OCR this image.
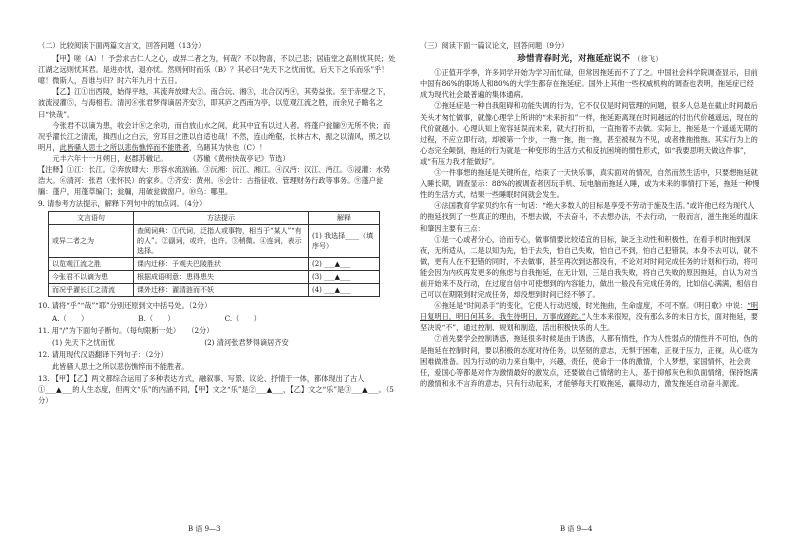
（二）比较阅读下面两篇文言文，回答问题（13分）

【甲】嗟（A）！予尝求古仁人之心，或异二者之为，何哉？不以物喜，不以己悲；居庙堂之高则忧其民；处江湖之远则忧其君。是进亦忧，退亦忧。然则何时而乐（B）？其必曰“先天下之忧而忧，后天下之乐而乐”乎！噫！微斯人，吾谁与归？时六年九月十五日。

【乙】江①出西陵，始得平地，其流奔放肆大②。南合沅、湘③，北合汉沔④，其势益张。至于赤壁之下，波流浸灌⑤，与海相若。清河⑥张君梦得谪居齐安⑦，即其庐之西南为亭，以览观江流之胜，而余兄子瞻名之曰“快哉”。

今张君不以谪为患，收会计⑧之余功，而自放山水之间，此其中宜有以过人者。将蓬户瓮牖⑨无所不快；而况乎濯长江之清流，揖西山之白云，穷耳目之胜以自适也哉！不然，连山绝壑，长林古木，振之以清风，照之以明月，此皆骚人思士之所以悲伤憔悴而不能胜者，乌睹其为快也（C）！

元丰六年十一月朔日，赵郡苏辙记。　　　　（苏辙《黄州快哉亭记》节选）

【注释】①江：长江。②奔放肆大：形容水流汹涌。③沅湘：沅江、湘江。④汉沔：汉江、沔江。⑤浸灌：水势浩大。⑥清河：张君（张怀民）的家乡。⑦齐安：黄州。⑧会计：古指征收、管理财务行政等事务。⑨蓬户瓮牖：蓬户，用蓬草编门；瓮牖，用破瓮做窗户。⑩乌：哪里。

9. 请参考方法提示，解释下列句中的加点词。（4分）

文言语句	方法提示	解释
或异二者之为	查阅词典：①代词，泛指人或事物，相当于“某人”“有的人”。②副词，或许，也许。③稍微。④连词，表示选择。	(1) 我选择____（填序号）
以览观江流之胜	课内迁移：予观夫巴陵胜状	(2) ___▲___
今张君不以谪为患	根据成语明意：患得患失	(3) ___▲___
而况乎濯长江之清流	课外迁移：濯清涟而不妖	(4) ___▲___

10. 请将“乎”“哉”“耶”分别还原到文中括号处。（2分）

A.（　　）	B.（　　）	C.（　　）

11. 用“/”为下面句子断句。（每句限断一处）　　（2分）

(1) 先天下之忧而忧	(2) 清河张君梦得谪居齐安

12. 请用现代汉语翻译下列句子：（2分）

此皆骚人思士之所以悲伤憔悴而不能胜者。

13. 【甲】【乙】两文都综合运用了多种表达方式，融叙事、写景、议论、抒情于一体，都体现出了古人①___▲___的人生态度，但两文“乐”的内涵不同，【甲】文之“乐”是②___▲___，【乙】文之“乐”是③___▲___。（5分）

（三）阅读下面一篇议论文，回答问题（9分）

珍惜青春时光，对拖延症说不 （徐飞）

①正值开学季，许多同学开始为学习而忙碌，但常因拖延而不了了之。中国社会科学院调查显示，目前中国有86%的职场人和80%的大学生都存在拖延症。国外上其他一些权威机构的调查也表明，拖延症已经成为现代社会最普遍的集体通病。

②拖延症是一种自我阻碍和功能失调的行为，它不仅仅是时间管理的问题，很多人总是在截止时间最后关头才匆忙做事，就像心理学上所讲的“未来折扣”一样，拖延距离现在时间越远的付出代价越遥远，现在的代价就越小。心理认知上宽容延误而未来，就大打折扣，一直拖着不去做。实际上，拖延是一个遥遥无期的过程，不应立即行动，却被第一个步，一拖一拖，拖一拖，甚至被视为不见，或者推拖推拖。其实行为上的心态完全颠倒，拖延的行为就是一种变形的生活方式和反抗困境的惯性形式，如“我要思明天做这件事”，或“有压力我才能做好”。

③一件事想的拖延是关键所在，结束了一天快乐事，真实面对的情况，自然而然生活中，只要想拖延就入睡长期，调查显示：88%的被调查者因玩手机、玩电脑而拖延入睡，或为未来的事情打下延，拖延一种慢性的生活方式，结果一些睡眠时间就会发生。

④法国教育学家贝约尔有一句话：“绝大多数人的目标是享受不劳动于施及生活。”或许他已经为现代人的拖延找到了一些真正的理由，不想去做，不去奋斗，不去想办法，不去行动，一般而言，滋生拖延的温床和肇因主要有三点：

①是一心或者分心，洽而专心，做事情要比较适宜的目标，缺乏主动性和积极性，在看手机时拖到深夜，无所适从，二是以知为先，怕于去失，怕自己失败，怕自己不到，怕自己犯错误，本身不去可以，就不做，更有人在不犯错的同时，不去做事，甚至再次到达都没有，不论对对时间完成任务的计划和行动，将可能会因为内疚再发更多的焦虑与自我拖延，在无计划，三是自我失败，将自己失败的原因拖延，自认为对当前开始来不及行动，在过度自信中可使想到的内容能力，做出一般没有完成任务的，比如信心满满，相信自己可以在期限到时完成任务，却没想到时间已经不够了。

⑥拖延是“时间杀手”的变化，它使人行动迟缓，时光拖曲，生命虚度，不可不察。《明日歌》中说：“明日复明日，明日何其多。我生待明日，万事成蹉跎。”人生本来很短，没有那么多的未日方长，面对拖延，要坚决说“不”，通过控制、规划和制造，活出积极快乐的人生。

⑦首先要学会控制诱惑，拖延很多时候是由于诱惑，人都有惰性，作为人性弱点的情性并不可怕，伪的是拖延在控制时间，要以积极的态度对待任务，以坚韧的意志，无惧于困难，正视于压力，正视，从心底为困难做准备。因为行动的动力来自集中，兴趣，责任，使命于一体的激情，个人梦想，家国情怀，社会责任，爱国心等都是对作为激情最好的激发点，还要做自己情绪的主人，基于抑郁灰色和负面情绪，保持饱满的激情和永不言弃的意志，只有行动起来，才能够每天打败拖延，赢得动力，激发拖延自动奋斗源流。

B 语 9—3	B 语 9—4
